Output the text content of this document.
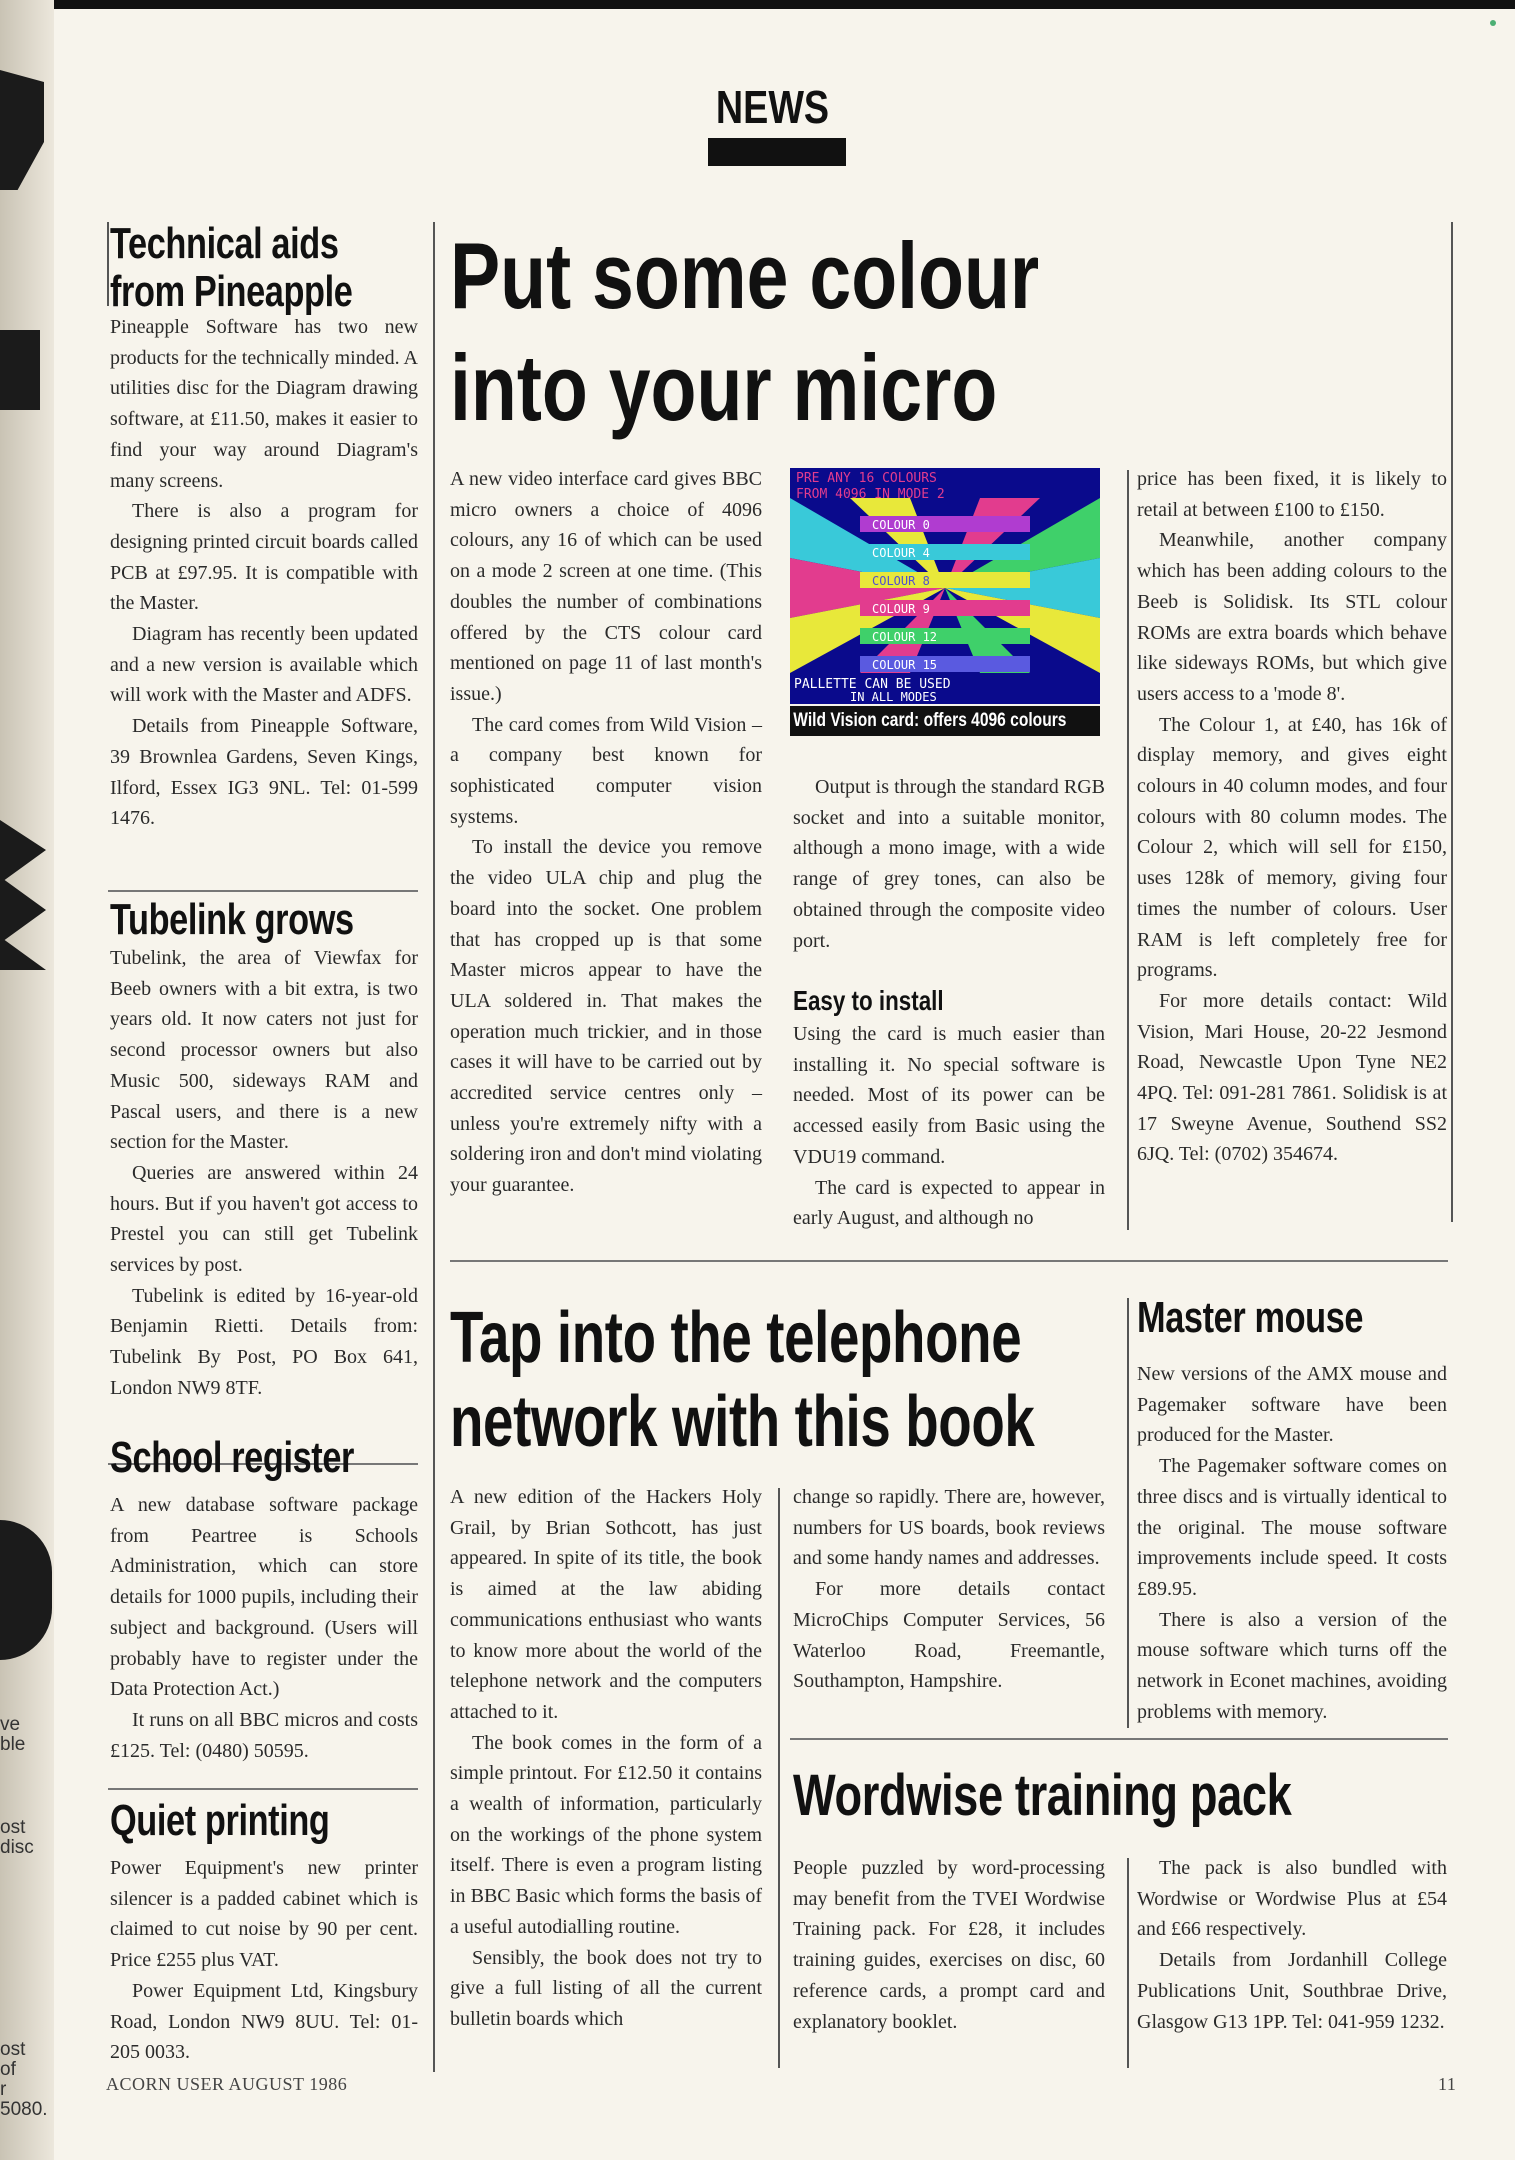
ve
ble
ost
disc
ost
of
r
5080.
NEWS
Technical aids
from Pineapple

Pineapple Software has two new products for the technically minded. A utilities disc for the Diagram drawing software, at £11.50, makes it easier to find your way around Diagram's many screens.

There is also a program for designing printed circuit boards called PCB at £97.95. It is compatible with the Master.

Diagram has recently been updated and a new version is available which will work with the Master and ADFS.

Details from Pineapple Software, 39 Brownlea Gardens, Seven Kings, Ilford, Essex IG3 9NL. Tel: 01-599 1476.

Tubelink grows

Tubelink, the area of Viewfax for Beeb owners with a bit extra, is two years old. It now caters not just for second processor owners but also Music 500, sideways RAM and Pascal users, and there is a new section for the Master.

Queries are answered within 24 hours. But if you haven't got access to Prestel you can still get Tubelink services by post.

Tubelink is edited by 16-year-old Benjamin Rietti. Details from: Tubelink By Post, PO Box 641, London NW9 8TF.

School register

A new database software package from Peartree is Schools Administration, which can store details for 1000 pupils, including their subject and background. (Users will probably have to register under the Data Protection Act.)

It runs on all BBC micros and costs £125. Tel: (0480) 50595.

Quiet printing

Power Equipment's new printer silencer is a padded cabinet which is claimed to cut noise by 90 per cent. Price £255 plus VAT.

Power Equipment Ltd, Kingsbury Road, London NW9 8UU. Tel: 01-205 0033.

Put some colour
into your micro

A new video interface card gives BBC micro owners a choice of 4096 colours, any 16 of which can be used on a mode 2 screen at one time. (This doubles the number of combinations offered by the CTS colour card mentioned on page 11 of last month's issue.)

The card comes from Wild Vision – a company best known for sophisticated computer vision systems.

To install the device you remove the video ULA chip and plug the board into the socket. One problem that has cropped up is that some Master micros appear to have the ULA soldered in. That makes the operation much trickier, and in those cases it will have to be carried out by accredited service centres only – unless you're extremely nifty with a soldering iron and don't mind violating your guarantee.

PRE ANY 16 COLOURS
FROM 4096 IN MODE 2
COLOUR 0
COLOUR 4
COLOUR 8
COLOUR 9
COLOUR 12
COLOUR 15
PALLETTE CAN BE USED
IN ALL MODES
Wild Vision card: offers 4096 colours

Output is through the standard RGB socket and into a suitable monitor, although a mono image, with a wide range of grey tones, can also be obtained through the composite video port.

Easy to install

Using the card is much easier than installing it. No special software is needed. Most of its power can be accessed easily from Basic using the VDU19 command.

The card is expected to appear in early August, and although no

price has been fixed, it is likely to retail at between £100 to £150.

Meanwhile, another company which has been adding colours to the Beeb is Solidisk. Its STL colour ROMs are extra boards which behave like sideways ROMs, but which give users access to a 'mode 8'.

The Colour 1, at £40, has 16k of display memory, and gives eight colours in 40 column modes, and four colours with 80 column modes. The Colour 2, which will sell for £150, uses 128k of memory, giving four times the number of colours. User RAM is left completely free for programs.

For more details contact: Wild Vision, Mari House, 20-22 Jesmond Road, Newcastle Upon Tyne NE2 4PQ. Tel: 091-281 7861. Solidisk is at 17 Sweyne Avenue, Southend SS2 6JQ. Tel: (0702) 354674.

Tap into the telephone
network with this book

A new edition of the Hackers Holy Grail, by Brian Sothcott, has just appeared. In spite of its title, the book is aimed at the law abiding communications enthusiast who wants to know more about the world of the telephone network and the computers attached to it.

The book comes in the form of a simple printout. For £12.50 it contains a wealth of information, particularly on the workings of the phone system itself. There is even a program listing in BBC Basic which forms the basis of a useful autodialling routine.

Sensibly, the book does not try to give a full listing of all the current bulletin boards which

change so rapidly. There are, however, numbers for US boards, book reviews and some handy names and addresses.

For more details contact MicroChips Computer Services, 56 Waterloo Road, Freemantle, Southampton, Hampshire.

Master mouse

New versions of the AMX mouse and Pagemaker software have been produced for the Master.

The Pagemaker software comes on three discs and is virtually identical to the original. The mouse software improvements include speed. It costs £89.95.

There is also a version of the mouse software which turns off the network in Econet machines, avoiding problems with memory.

Wordwise training pack

People puzzled by word-processing may benefit from the TVEI Wordwise Training pack. For £28, it includes training guides, exercises on disc, 60 reference cards, a prompt card and explanatory booklet.

The pack is also bundled with Wordwise or Wordwise Plus at £54 and £66 respectively.

Details from Jordanhill College Publications Unit, Southbrae Drive, Glasgow G13 1PP. Tel: 041-959 1232.

ACORN USER AUGUST 1986	11
